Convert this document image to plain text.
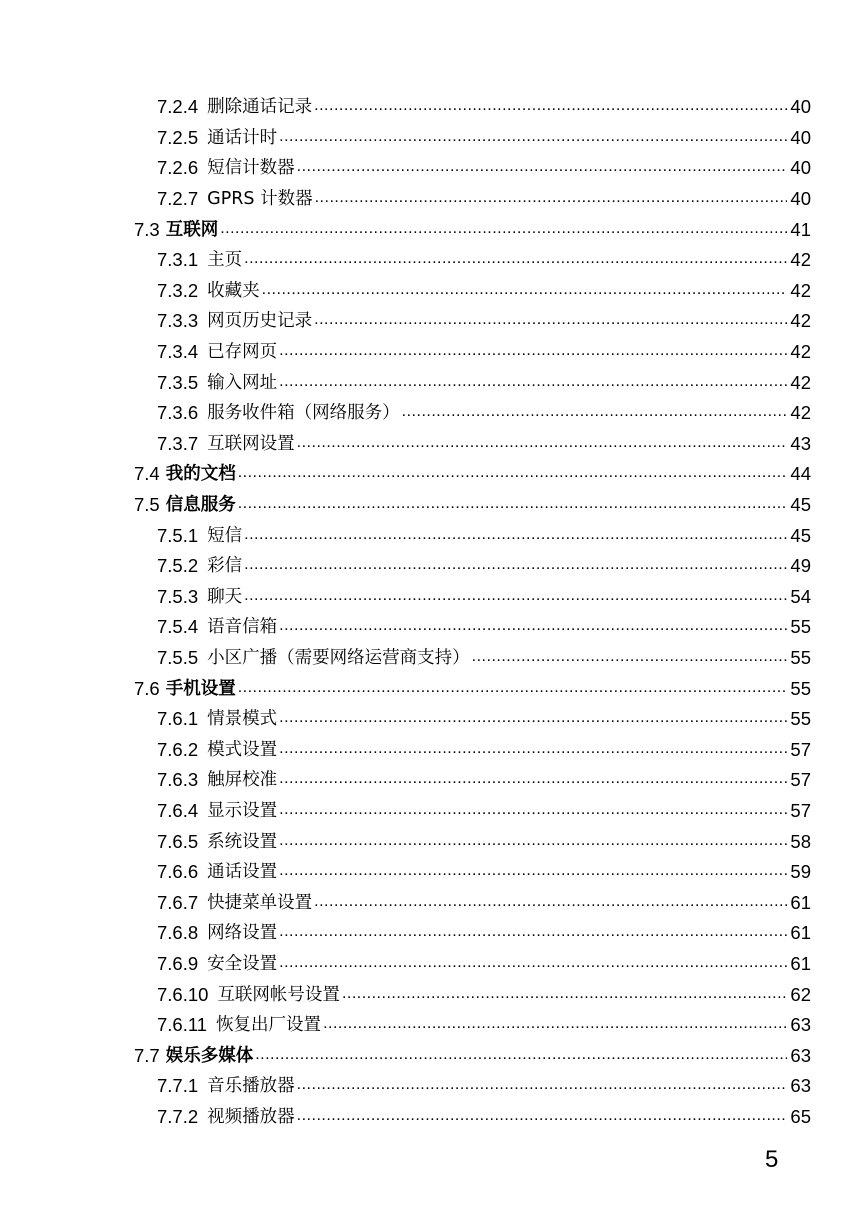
7.2.4 删除通话记录 .....	40
7.2.5 通话计时 .....	40
7.2.6 短信计数器 .....	40
7.2.7 GPRS 计数器 .....	40
7.3 互联网 .....	41
7.3.1 主页 .....	42
7.3.2 收藏夹 .....	42
7.3.3 网页历史记录 .....	42
7.3.4 已存网页 .....	42
7.3.5 输入网址 .....	42
7.3.6 服务收件箱（网络服务） .....	42
7.3.7 互联网设置 .....	43
7.4 我的文档 .....	44
7.5 信息服务 .....	45
7.5.1 短信 .....	45
7.5.2 彩信 .....	49
7.5.3 聊天 .....	54
7.5.4 语音信箱 .....	55
7.5.5 小区广播（需要网络运营商支持） .....	55
7.6 手机设置 .....	55
7.6.1 情景模式 .....	55
7.6.2 模式设置 .....	57
7.6.3 触屏校准 .....	57
7.6.4 显示设置 .....	57
7.6.5 系统设置 .....	58
7.6.6 通话设置 .....	59
7.6.7 快捷菜单设置 .....	61
7.6.8 网络设置 .....	61
7.6.9 安全设置 .....	61
7.6.10 互联网帐号设置 .....	62
7.6.11 恢复出厂设置 .....	63
7.7 娱乐多媒体 .....	63
7.7.1 音乐播放器 .....	63
7.7.2 视频播放器 .....	65
5
